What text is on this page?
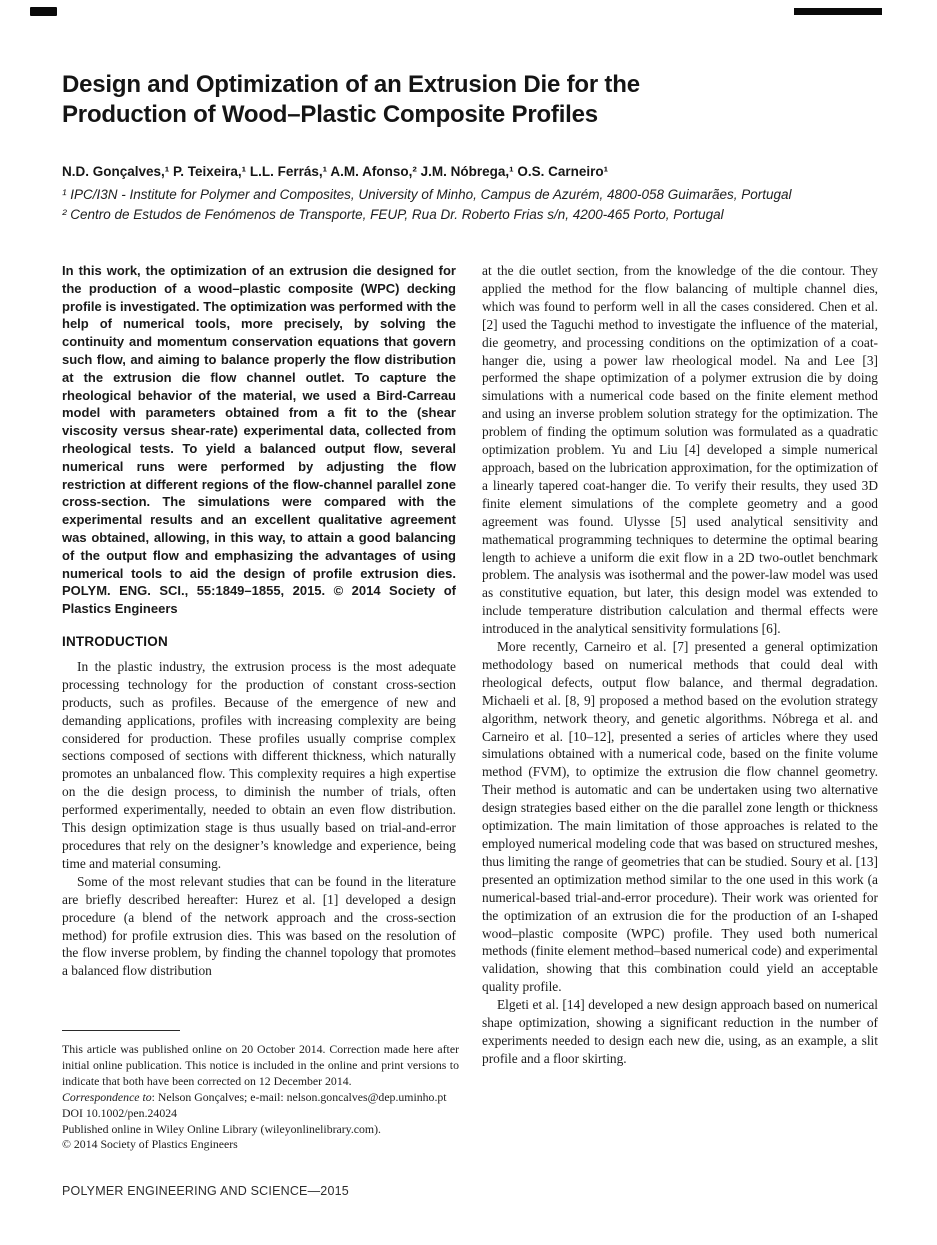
Design and Optimization of an Extrusion Die for the Production of Wood–Plastic Composite Profiles
N.D. Gonçalves,¹ P. Teixeira,¹ L.L. Ferrás,¹ A.M. Afonso,² J.M. Nóbrega,¹ O.S. Carneiro¹
¹ IPC/I3N - Institute for Polymer and Composites, University of Minho, Campus de Azurém, 4800-058 Guimarães, Portugal
² Centro de Estudos de Fenómenos de Transporte, FEUP, Rua Dr. Roberto Frias s/n, 4200-465 Porto, Portugal

In this work, the optimization of an extrusion die designed for the production of a wood–plastic composite (WPC) decking profile is investigated. The optimization was performed with the help of numerical tools, more precisely, by solving the continuity and momentum conservation equations that govern such flow, and aiming to balance properly the flow distribution at the extrusion die flow channel outlet. To capture the rheological behavior of the material, we used a Bird-Carreau model with parameters obtained from a fit to the (shear viscosity versus shear-rate) experimental data, collected from rheological tests. To yield a balanced output flow, several numerical runs were performed by adjusting the flow restriction at different regions of the flow-channel parallel zone cross-section. The simulations were compared with the experimental results and an excellent qualitative agreement was obtained, allowing, in this way, to attain a good balancing of the output flow and emphasizing the advantages of using numerical tools to aid the design of profile extrusion dies. POLYM. ENG. SCI., 55:1849–1855, 2015. © 2014 Society of Plastics Engineers

INTRODUCTION

In the plastic industry, the extrusion process is the most adequate processing technology for the production of constant cross-section products, such as profiles. Because of the emergence of new and demanding applications, profiles with increasing complexity are being considered for production. These profiles usually comprise complex sections composed of sections with different thickness, which naturally promotes an unbalanced flow. This complexity requires a high expertise on the die design process, to diminish the number of trials, often performed experimentally, needed to obtain an even flow distribution. This design optimization stage is thus usually based on trial-and-error procedures that rely on the designer’s knowledge and experience, being time and material consuming.

Some of the most relevant studies that can be found in the literature are briefly described hereafter: Hurez et al. [1] developed a design procedure (a blend of the network approach and the cross-section method) for profile extrusion dies. This was based on the resolution of the flow inverse problem, by finding the channel topology that promotes a balanced flow distribution

at the die outlet section, from the knowledge of the die contour. They applied the method for the flow balancing of multiple channel dies, which was found to perform well in all the cases considered. Chen et al. [2] used the Taguchi method to investigate the influence of the material, die geometry, and processing conditions on the optimization of a coat-hanger die, using a power law rheological model. Na and Lee [3] performed the shape optimization of a polymer extrusion die by doing simulations with a numerical code based on the finite element method and using an inverse problem solution strategy for the optimization. The problem of finding the optimum solution was formulated as a quadratic optimization problem. Yu and Liu [4] developed a simple numerical approach, based on the lubrication approximation, for the optimization of a linearly tapered coat-hanger die. To verify their results, they used 3D finite element simulations of the complete geometry and a good agreement was found. Ulysse [5] used analytical sensitivity and mathematical programming techniques to determine the optimal bearing length to achieve a uniform die exit flow in a 2D two-outlet benchmark problem. The analysis was isothermal and the power-law model was used as constitutive equation, but later, this design model was extended to include temperature distribution calculation and thermal effects were introduced in the analytical sensitivity formulations [6].

More recently, Carneiro et al. [7] presented a general optimization methodology based on numerical methods that could deal with rheological defects, output flow balance, and thermal degradation. Michaeli et al. [8, 9] proposed a method based on the evolution strategy algorithm, network theory, and genetic algorithms. Nóbrega et al. and Carneiro et al. [10–12], presented a series of articles where they used simulations obtained with a numerical code, based on the finite volume method (FVM), to optimize the extrusion die flow channel geometry. Their method is automatic and can be undertaken using two alternative design strategies based either on the die parallel zone length or thickness optimization. The main limitation of those approaches is related to the employed numerical modeling code that was based on structured meshes, thus limiting the range of geometries that can be studied. Soury et al. [13] presented an optimization method similar to the one used in this work (a numerical-based trial-and-error procedure). Their work was oriented for the optimization of an extrusion die for the production of an I-shaped wood–plastic composite (WPC) profile. They used both numerical methods (finite element method–based numerical code) and experimental validation, showing that this combination could yield an acceptable quality profile.

Elgeti et al. [14] developed a new design approach based on numerical shape optimization, showing a significant reduction in the number of experiments needed to design each new die, using, as an example, a slit profile and a floor skirting.

This article was published online on 20 October 2014. Correction made here after initial online publication. This notice is included in the online and print versions to indicate that both have been corrected on 12 December 2014.
Correspondence to: Nelson Gonçalves; e-mail: nelson.goncalves@dep.uminho.pt
DOI 10.1002/pen.24024
Published online in Wiley Online Library (wileyonlinelibrary.com).
© 2014 Society of Plastics Engineers
POLYMER ENGINEERING AND SCIENCE—2015
